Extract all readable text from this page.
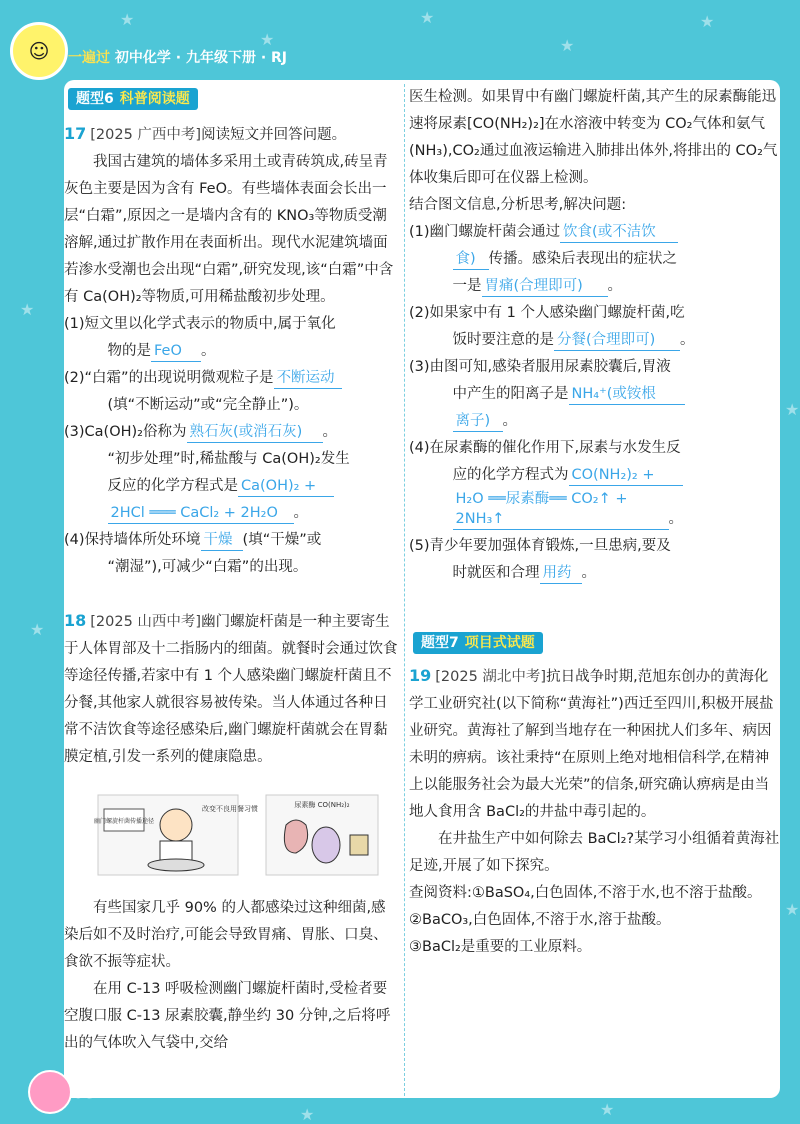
★
★
★
★
★
★
★
★
★
★	★
☺	一遍过 初中化学 · 九年级下册 · RJ
题型6 科普阅读题

17 [2025 广西中考]阅读短文并回答问题。

我国古建筑的墙体多采用土或青砖筑成,砖呈青灰色主要是因为含有 FeO。有些墙体表面会长出一层“白霜”,原因之一是墙内含有的 KNO₃等物质受潮溶解,通过扩散作用在表面析出。现代水泥建筑墙面若渗水受潮也会出现“白霜”,研究发现,该“白霜”中含有 Ca(OH)₂等物质,可用稀盐酸初步处理。

(1)短文里以化学式表示的物质中,属于氧化

物的是 FeO 。

(2)“白霜”的出现说明微观粒子是 不断运动

(填“不断运动”或“完全静止”)。

(3)Ca(OH)₂俗称为 熟石灰(或消石灰) 。

“初步处理”时,稀盐酸与 Ca(OH)₂发生

反应的化学方程式是 Ca(OH)₂ +

2HCl ═══ CaCl₂ + 2H₂O 。

(4)保持墙体所处环境 干燥 (填“干燥”或

“潮湿”),可减少“白霜”的出现。

18 [2025 山西中考]幽门螺旋杆菌是一种主要寄生于人体胃部及十二指肠内的细菌。就餐时会通过饮食等途径传播,若家中有 1 个人感染幽门螺旋杆菌且不分餐,其他家人就很容易被传染。当人体通过各种日常不洁饮食等途径感染后,幽门螺旋杆菌就会在胃黏膜定植,引发一系列的健康隐患。

幽门螺旋杆菌传播途径
改变不良用餐习惯	尿素酶 CO(NH₂)₂

有些国家几乎 90% 的人都感染过这种细菌,感染后如不及时治疗,可能会导致胃痛、胃胀、口臭、食欲不振等症状。

在用 C-13 呼吸检测幽门螺旋杆菌时,受检者要空腹口服 C-13 尿素胶囊,静坐约 30 分钟,之后将呼出的气体吹入气袋中,交给

医生检测。如果胃中有幽门螺旋杆菌,其产生的尿素酶能迅速将尿素[CO(NH₂)₂]在水溶液中转变为 CO₂气体和氨气(NH₃),CO₂通过血液运输进入肺排出体外,将排出的 CO₂气体收集后即可在仪器上检测。

结合图文信息,分析思考,解决问题:

(1)幽门螺旋杆菌会通过 饮食(或不洁饮

食) 传播。感染后表现出的症状之

一是 胃痛(合理即可) 。

(2)如果家中有 1 个人感染幽门螺旋杆菌,吃

饭时要注意的是 分餐(合理即可) 。

(3)由图可知,感染者服用尿素胶囊后,胃液

中产生的阳离子是 NH₄⁺(或铵根

离子) 。

(4)在尿素酶的催化作用下,尿素与水发生反

应的化学方程式为 CO(NH₂)₂ +

H₂O ══尿素酶══ CO₂↑ + 2NH₃↑	。

(5)青少年要加强体育锻炼,一旦患病,要及

时就医和合理 用药 。

题型7 项目式试题

19 [2025 湖北中考]抗日战争时期,范旭东创办的黄海化学工业研究社(以下简称“黄海社”)西迁至四川,积极开展盐业研究。黄海社了解到当地存在一种困扰人们多年、病因未明的痹病。该社秉持“在原则上绝对地相信科学,在精神上以能服务社会为最大光荣”的信条,研究确认痹病是由当地人食用含 BaCl₂的井盐中毒引起的。

在井盐生产中如何除去 BaCl₂?某学习小组循着黄海社足迹,开展了如下探究。

查阅资料:①BaSO₄,白色固体,不溶于水,也不溶于盐酸。

②BaCO₃,白色固体,不溶于水,溶于盐酸。

③BaCl₂是重要的工业原料。

83 上遍以后好
下遍更出彩
